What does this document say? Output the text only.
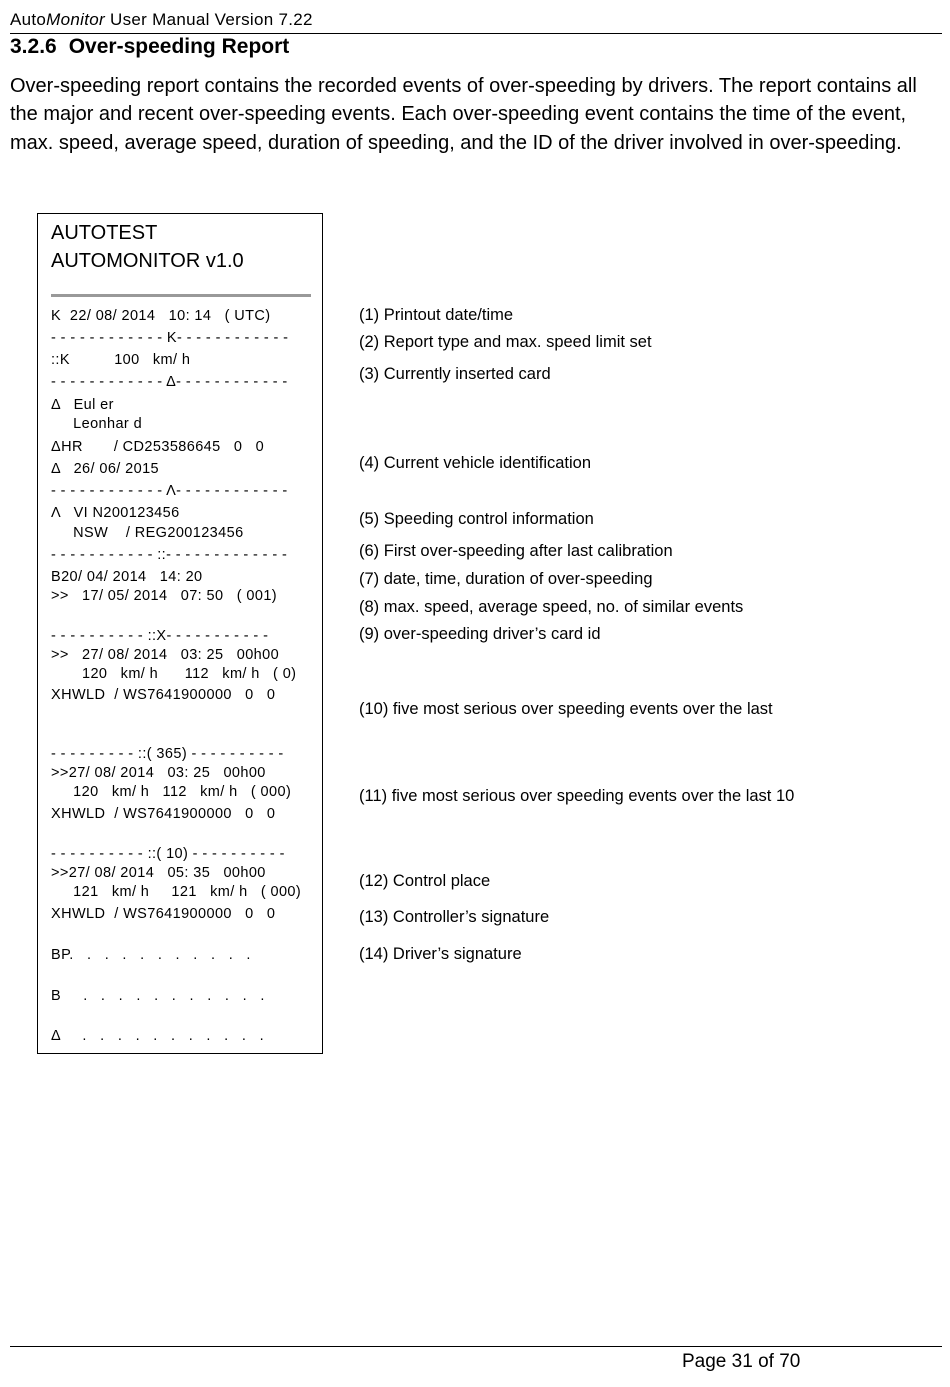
AutoMonitor User Manual Version 7.22
3.2.6 Over-speeding Report
Over-speeding report contains the recorded events of over-speeding by drivers. The report contains all the major and recent over-speeding events. Each over-speeding event contains the time of the event, max. speed, average speed, duration of speeding, and the ID of the driver involved in over-speeding.
AUTOTEST
AUTOMONITOR v1.0
K  22/ 08/ 2014   10: 14   ( UTC)
- - - - - - - - - - - - K- - - - - - - - - - - -
::K          100   km/ h
- - - - - - - - - - - - Δ- - - - - - - - - - - -
Δ   Eul er
Leonhar d
ΔHR       / CD253586645   0   0
Δ   26/ 06/ 2015
- - - - - - - - - - - - Λ- - - - - - - - - - - -
Λ   VI N200123456
NSW    / REG200123456
- - - - - - - - - - - ::- - - - - - - - - - - - -
B20/ 04/ 2014   14: 20
>>   17/ 05/ 2014   07: 50   ( 001)
- - - - - - - - - - ::X- - - - - - - - - - -
>>   27/ 08/ 2014   03: 25   00h00
120   km/ h      112   km/ h   ( 0)
XHWLD  / WS7641900000   0   0
- - - - - - - - - ::( 365) - - - - - - - - - -
>>27/ 08/ 2014   03: 25   00h00
120   km/ h   112   km/ h   ( 000)
XHWLD  / WS7641900000   0   0
- - - - - - - - - - ::( 10) - - - - - - - - - -
>>27/ 08/ 2014   05: 35   00h00
121   km/ h     121   km/ h   ( 000)
XHWLD  / WS7641900000   0   0
BP.   .   .   .   .   .   .   .   .   .   .
B     .   .   .   .   .   .   .   .   .   .   .
Δ     .   .   .   .   .   .   .   .   .   .   .
(1) Printout date/time
(2) Report type and max. speed limit set
(3) Currently inserted card
(4) Current vehicle identification
(5) Speeding control information
(6) First over-speeding after last calibration
(7) date, time, duration of over-speeding
(8) max. speed, average speed, no. of similar events
(9) over-speeding driver’s card id
(10) five most serious over speeding events over the last
(11) five most serious over speeding events over the last 10
(12) Control place
(13) Controller’s signature
(14) Driver’s signature
Page 31 of 70
